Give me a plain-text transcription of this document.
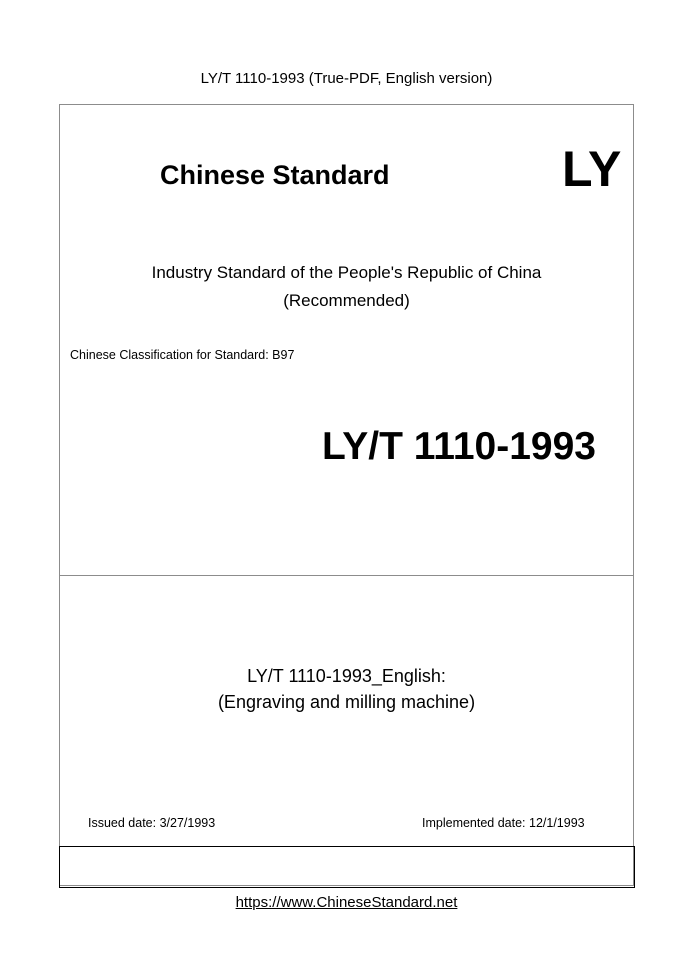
LY/T 1110-1993 (True-PDF, English version)
Chinese Standard	LY
Industry Standard of the People's Republic of China
(Recommended)
Chinese Classification for Standard: B97
LY/T 1110-1993
LY/T 1110-1993_English:
(Engraving and milling machine)
Issued date: 3/27/1993	Implemented date: 12/1/1993
https://www.ChineseStandard.net
